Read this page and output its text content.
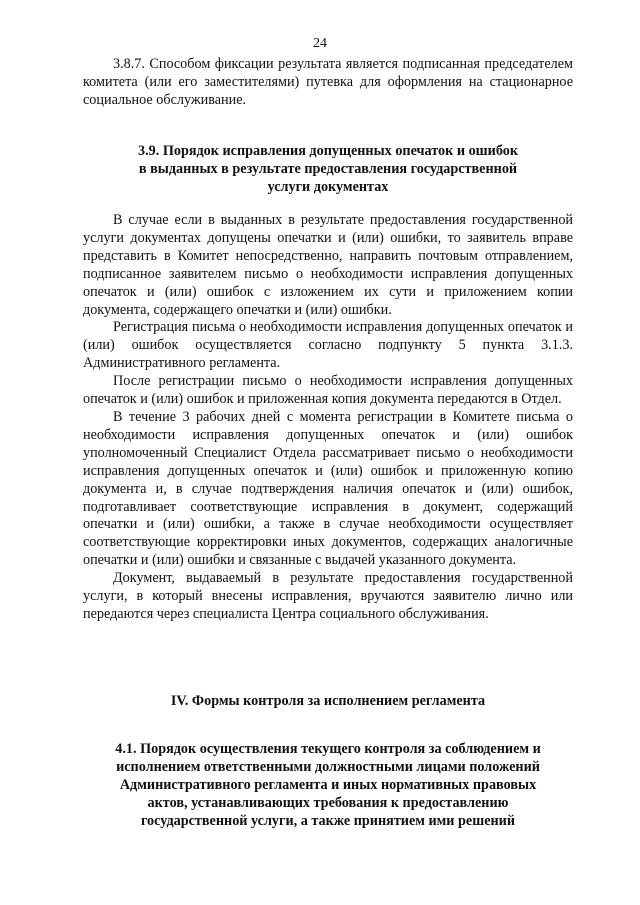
24

3.8.7. Способом фиксации результата является подписанная председателем комитета (или его заместителями) путевка для оформления на стационарное социальное обслуживание.

3.9. Порядок исправления допущенных опечаток и ошибок
в выданных в результате предоставления государственной
услуги документах

В случае если в выданных в результате предоставления государственной услуги документах допущены опечатки и (или) ошибки, то заявитель вправе представить в Комитет непосредственно, направить почтовым отправлением, подписанное заявителем письмо о необходимости исправления допущенных опечаток и (или) ошибок с изложением их сути и приложением копии документа, содержащего опечатки и (или) ошибки.

Регистрация письма о необходимости исправления допущенных опечаток и (или) ошибок осуществляется согласно подпункту 5 пункта 3.1.3. Административного регламента.

После регистрации письмо о необходимости исправления допущенных опечаток и (или) ошибок и приложенная копия документа передаются в Отдел.

В течение 3 рабочих дней с момента регистрации в Комитете письма о необходимости исправления допущенных опечаток и (или) ошибок уполномоченный Специалист Отдела рассматривает письмо о необходимости исправления допущенных опечаток и (или) ошибок и приложенную копию документа и, в случае подтверждения наличия опечаток и (или) ошибок, подготавливает соответствующие исправления в документ, содержащий опечатки и (или) ошибки, а также в случае необходимости осуществляет соответствующие корректировки иных документов, содержащих аналогичные опечатки и (или) ошибки и связанные с выдачей указанного документа.

Документ, выдаваемый в результате предоставления государственной услуги, в который внесены исправления, вручаются заявителю лично или передаются через специалиста Центра социального обслуживания.

IV. Формы контроля за исполнением регламента
4.1. Порядок осуществления текущего контроля за соблюдением и
исполнением ответственными должностными лицами положений
Административного регламента и иных нормативных правовых
актов, устанавливающих требования к предоставлению
государственной услуги, а также принятием ими решений
